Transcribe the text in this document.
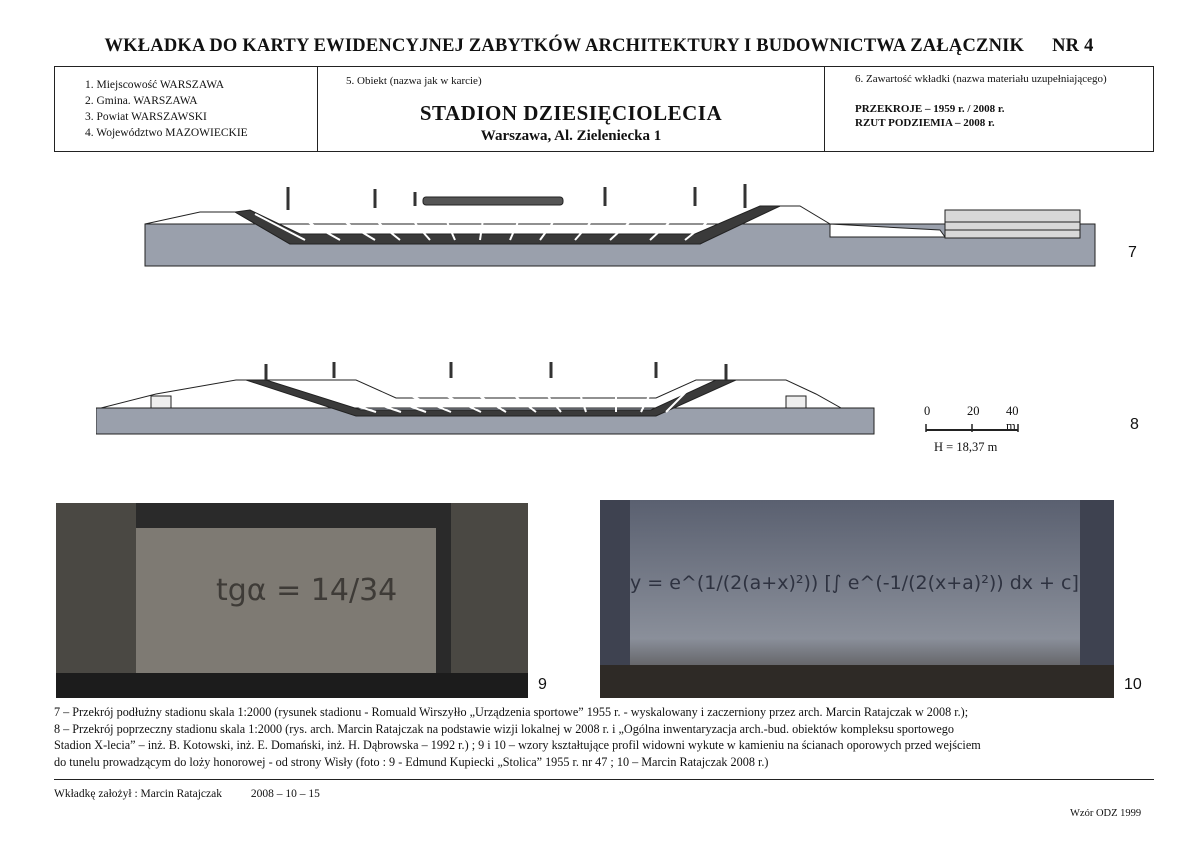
WKŁADKA DO KARTY EWIDENCYJNEJ ZABYTKÓW ARCHITEKTURY I BUDOWNICTWA ZAŁĄCZNIK NR 4
1. Miejscowość WARSZAWA
2. Gmina. WARSZAWA
3. Powiat WARSZAWSKI
4. Województwo MAZOWIECKIE
5. Obiekt (nazwa jak w karcie)
STADION DZIESIĘCIOLECIA
Warszawa, Al. Zieleniecka 1
6. Zawartość wkładki (nazwa materiału uzupełniającego)
PRZEKROJE – 1959 r. / 2008 r.
RZUT PODZIEMIA – 2008 r.
7
8
0	20 40 m
H = 18,37 m
tgα = 14/34
9
y = e^(1/(2(a+x)²)) [∫ e^(-1/(2(x+a)²)) dx + c]
10
7 – Przekrój podłużny stadionu skala 1:2000 (rysunek stadionu - Romuald Wirszyłło „Urządzenia sportowe” 1955 r. - wyskalowany i zaczerniony przez arch. Marcin Ratajczak w 2008 r.);
8 – Przekrój poprzeczny stadionu skala 1:2000 (rys. arch. Marcin Ratajczak na podstawie wizji lokalnej w 2008 r. i „Ogólna inwentaryzacja arch.-bud. obiektów kompleksu sportowego
Stadion X-lecia” – inż. B. Kotowski, inż. E. Domański, inż. H. Dąbrowska – 1992 r.) ; 9 i 10 – wzory kształtujące profil widowni wykute w kamieniu na ścianach oporowych przed wejściem
do tunelu prowadzącym do loży honorowej - od strony Wisły (foto : 9 - Edmund Kupiecki „Stolica” 1955 r. nr 47 ; 10 – Marcin Ratajczak 2008 r.)
Wkładkę założył : Marcin Ratajczak	2008 – 10 – 15
Wzór ODZ 1999
